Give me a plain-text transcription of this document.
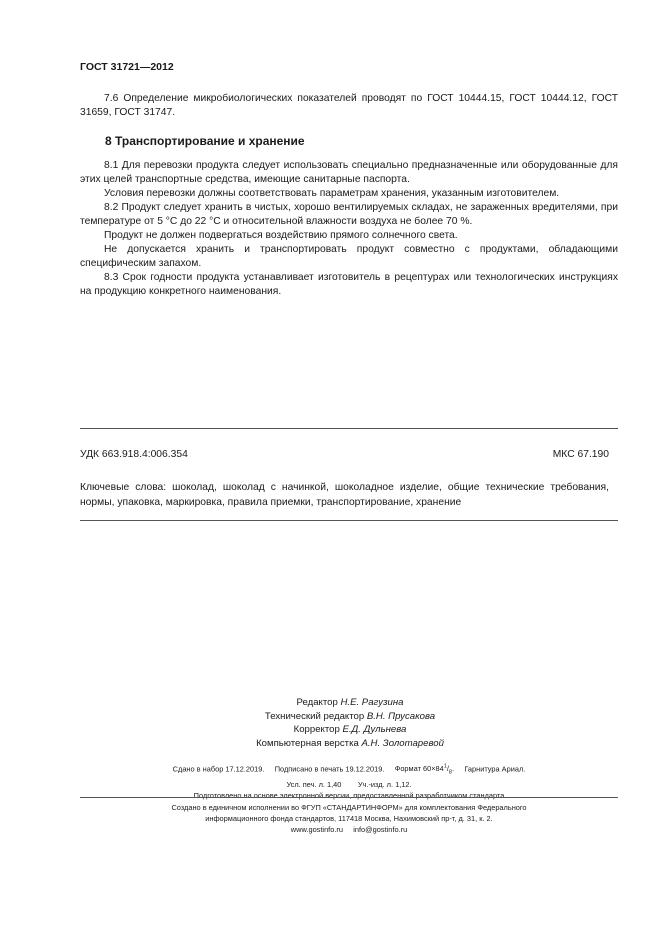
ГОСТ 31721—2012

7.6 Определение микробиологических показателей проводят по ГОСТ 10444.15, ГОСТ 10444.12, ГОСТ 31659, ГОСТ 31747.

8 Транспортирование и хранение

8.1 Для перевозки продукта следует использовать специально предназначенные или оборудованные для этих целей транспортные средства, имеющие санитарные паспорта.

Условия перевозки должны соответствовать параметрам хранения, указанным изготовителем.

8.2 Продукт следует хранить в чистых, хорошо вентилируемых складах, не зараженных вредителями, при температуре от 5 °С до 22 °С и относительной влажности воздуха не более 70 %.

Продукт не должен подвергаться воздействию прямого солнечного света.

Не допускается хранить и транспортировать продукт совместно с продуктами, обладающими специфическим запахом.

8.3 Срок годности продукта устанавливает изготовитель в рецептурах или технологических инструкциях на продукцию конкретного наименования.

УДК 663.918.4:006.354	МКС 67.190
Ключевые слова: шоколад, шоколад с начинкой, шоколадное изделие, общие технические требования, нормы, упаковка, маркировка, правила приемки, транспортирование, хранение
Редактор Н.Е. Рагузина
Технический редактор В.Н. Прусакова
Корректор Е.Д. Дульнева
Компьютерная верстка А.Н. Золотаревой
Сдано в набор 17.12.2019. Подписано в печать 19.12.2019. Формат $60\times 84^1/_8$. Гарнитура Ариал.
Усл. печ. л. 1,40 Уч.-изд. л. 1,12.
Подготовлено на основе электронной версии, предоставленной разработчиком стандарта
Создано в единичном исполнении во ФГУП «СТАНДАРТИНФОРМ» для комплектования Федерального
информационного фонда стандартов, 117418 Москва, Нахимовский пр-т, д. 31, к. 2.
www.gostinfo.ru info@gostinfo.ru
